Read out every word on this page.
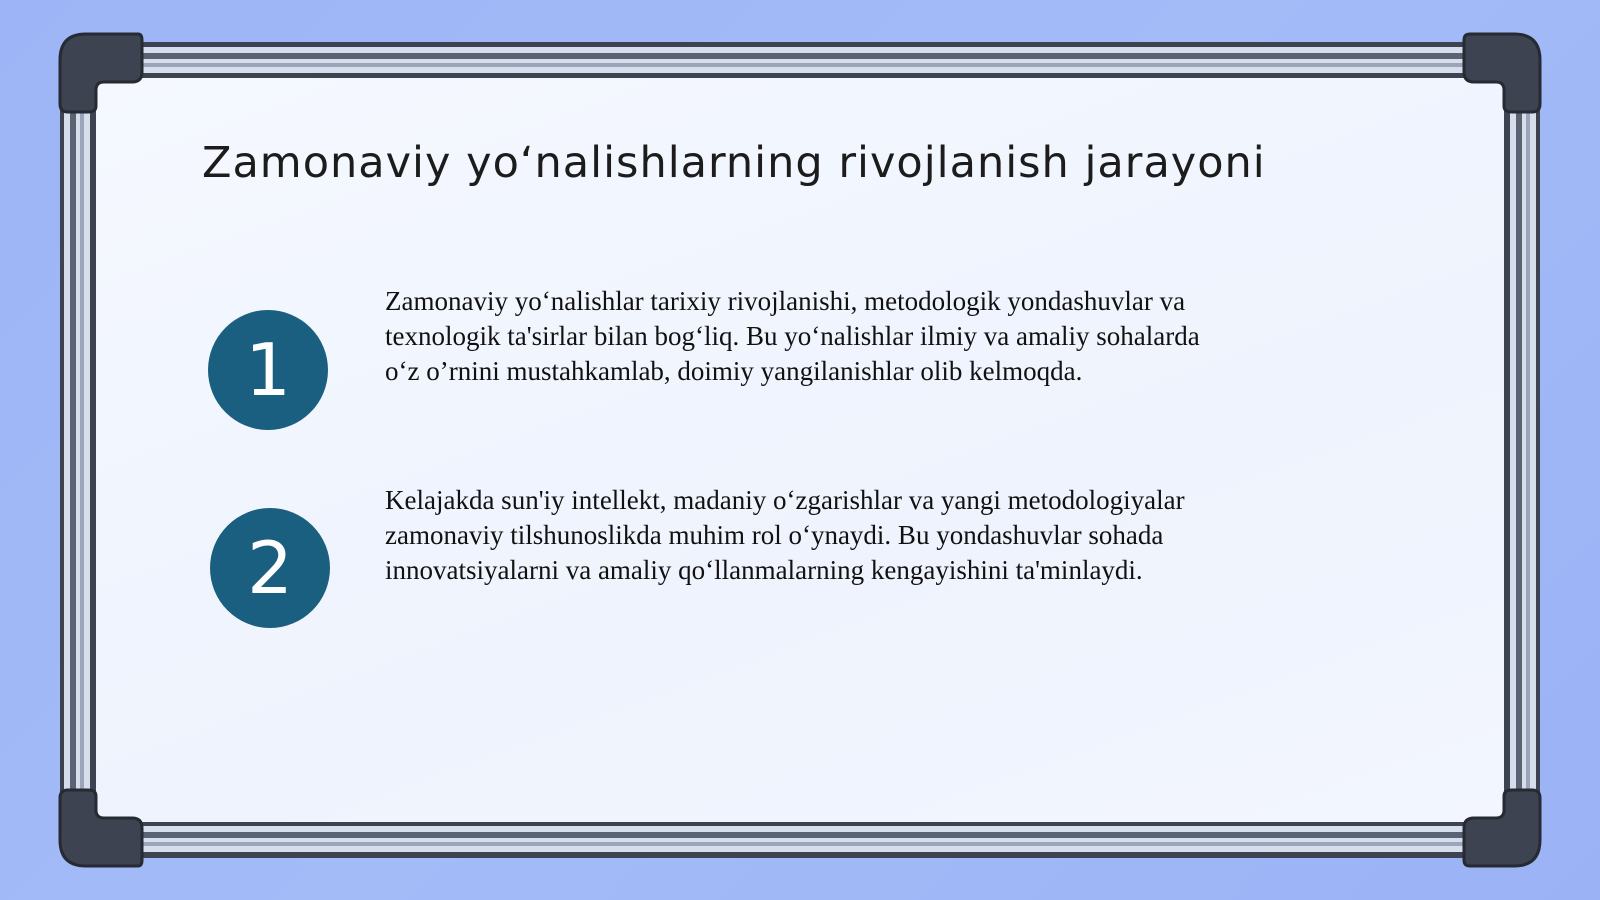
Zamonaviy yo‘nalishlarning rivojlanish jarayoni
1

Zamonaviy yo‘nalishlar tarixiy rivojlanishi, metodologik yondashuvlar va texnologik ta'sirlar bilan bog‘liq. Bu yo‘nalishlar ilmiy va amaliy sohalarda o‘z o’rnini mustahkamlab, doimiy yangilanishlar olib kelmoqda.

2

Kelajakda sun'iy intellekt, madaniy o‘zgarishlar va yangi metodologiyalar zamonaviy tilshunoslikda muhim rol o‘ynaydi. Bu yondashuvlar sohada innovatsiyalarni va amaliy qo‘llanmalarning kengayishini ta'minlaydi.
